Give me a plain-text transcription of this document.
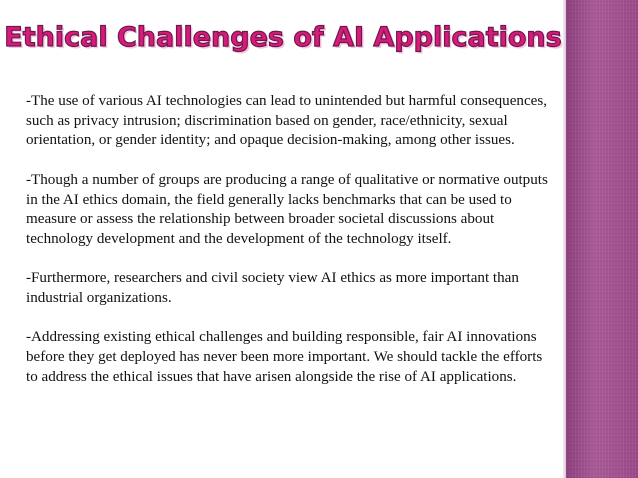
Ethical Challenges of AI Applications

-The use of various AI technologies can lead to unintended but harmful consequences, such as privacy intrusion; discrimination based on gender, race/ethnicity, sexual orientation, or gender identity; and opaque decision-making, among other issues.

-Though a number of groups are producing a range of qualitative or normative outputs in the AI ethics domain, the field generally lacks benchmarks that can be used to measure or assess the relationship between broader societal discussions about technology development and the development of the technology itself.

-Furthermore, researchers and civil society view AI ethics as more important than industrial organizations.

-Addressing existing ethical challenges and building responsible, fair AI innovations before they get deployed has never been more important. We should tackle the efforts to address the ethical issues that have arisen alongside the rise of AI applications.
